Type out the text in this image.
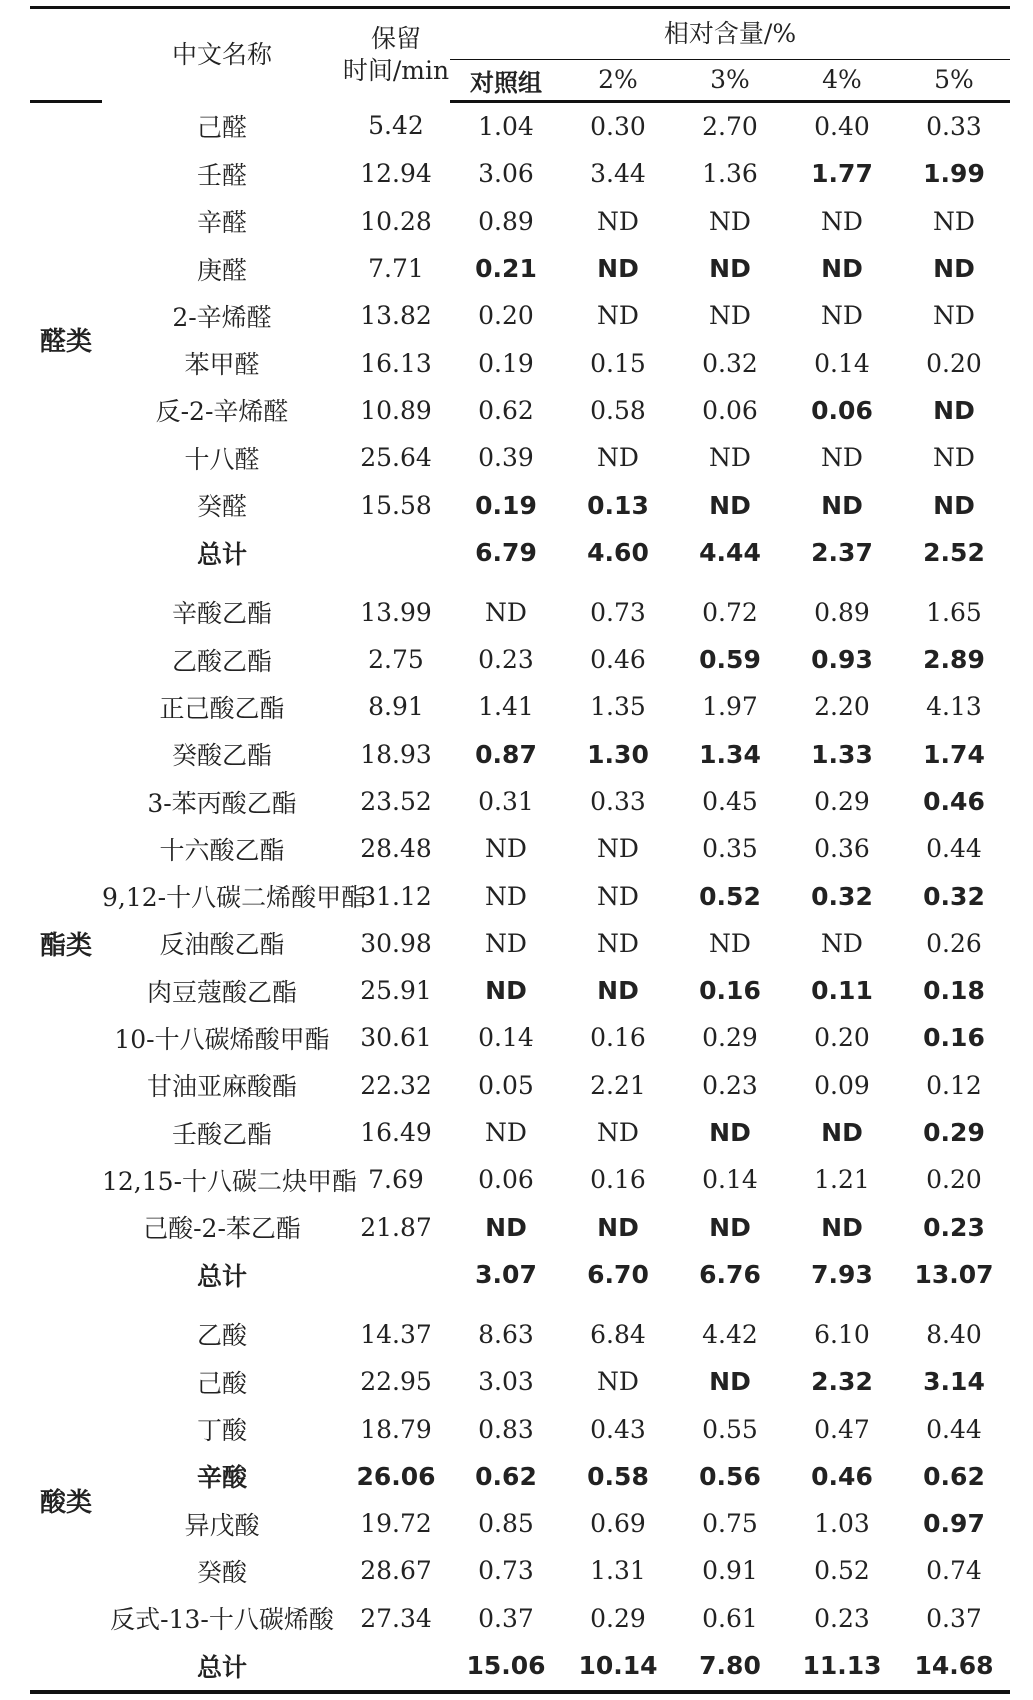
	中文名称	保留
时间/min	相对含量/%				
			对照组	2%	3%	4%	5%
醛类	己醛	5.42	1.04	0.30	2.70	0.40	0.33
	壬醛	12.94	3.06	3.44	1.36	1.77	1.99
	辛醛	10.28	0.89	ND	ND	ND	ND
	庚醛	7.71	0.21	ND	ND	ND	ND
	2-辛烯醛	13.82	0.20	ND	ND	ND	ND
	苯甲醛	16.13	0.19	0.15	0.32	0.14	0.20
	反-2-辛烯醛	10.89	0.62	0.58	0.06	0.06	ND
	十八醛	25.64	0.39	ND	ND	ND	ND
	癸醛	15.58	0.19	0.13	ND	ND	ND
	总计		6.79	4.60	4.44	2.37	2.52
酯类	辛酸乙酯	13.99	ND	0.73	0.72	0.89	1.65
	乙酸乙酯	2.75	0.23	0.46	0.59	0.93	2.89
	正己酸乙酯	8.91	1.41	1.35	1.97	2.20	4.13
	癸酸乙酯	18.93	0.87	1.30	1.34	1.33	1.74
	3-苯丙酸乙酯	23.52	0.31	0.33	0.45	0.29	0.46
	十六酸乙酯	28.48	ND	ND	0.35	0.36	0.44
	9,12-十八碳二烯酸甲酯	31.12	ND	ND	0.52	0.32	0.32
	反油酸乙酯	30.98	ND	ND	ND	ND	0.26
	肉豆蔻酸乙酯	25.91	ND	ND	0.16	0.11	0.18
	10-十八碳烯酸甲酯	30.61	0.14	0.16	0.29	0.20	0.16
	甘油亚麻酸酯	22.32	0.05	2.21	0.23	0.09	0.12
	壬酸乙酯	16.49	ND	ND	ND	ND	0.29
	12,15-十八碳二炔甲酯	7.69	0.06	0.16	0.14	1.21	0.20
	己酸-2-苯乙酯	21.87	ND	ND	ND	ND	0.23
	总计		3.07	6.70	6.76	7.93	13.07
酸类	乙酸	14.37	8.63	6.84	4.42	6.10	8.40
	己酸	22.95	3.03	ND	ND	2.32	3.14
	丁酸	18.79	0.83	0.43	0.55	0.47	0.44
	辛酸	26.06	0.62	0.58	0.56	0.46	0.62
	异戊酸	19.72	0.85	0.69	0.75	1.03	0.97
	癸酸	28.67	0.73	1.31	0.91	0.52	0.74
	反式-13-十八碳烯酸	27.34	0.37	0.29	0.61	0.23	0.37
	总计		15.06	10.14	7.80	11.13	14.68
